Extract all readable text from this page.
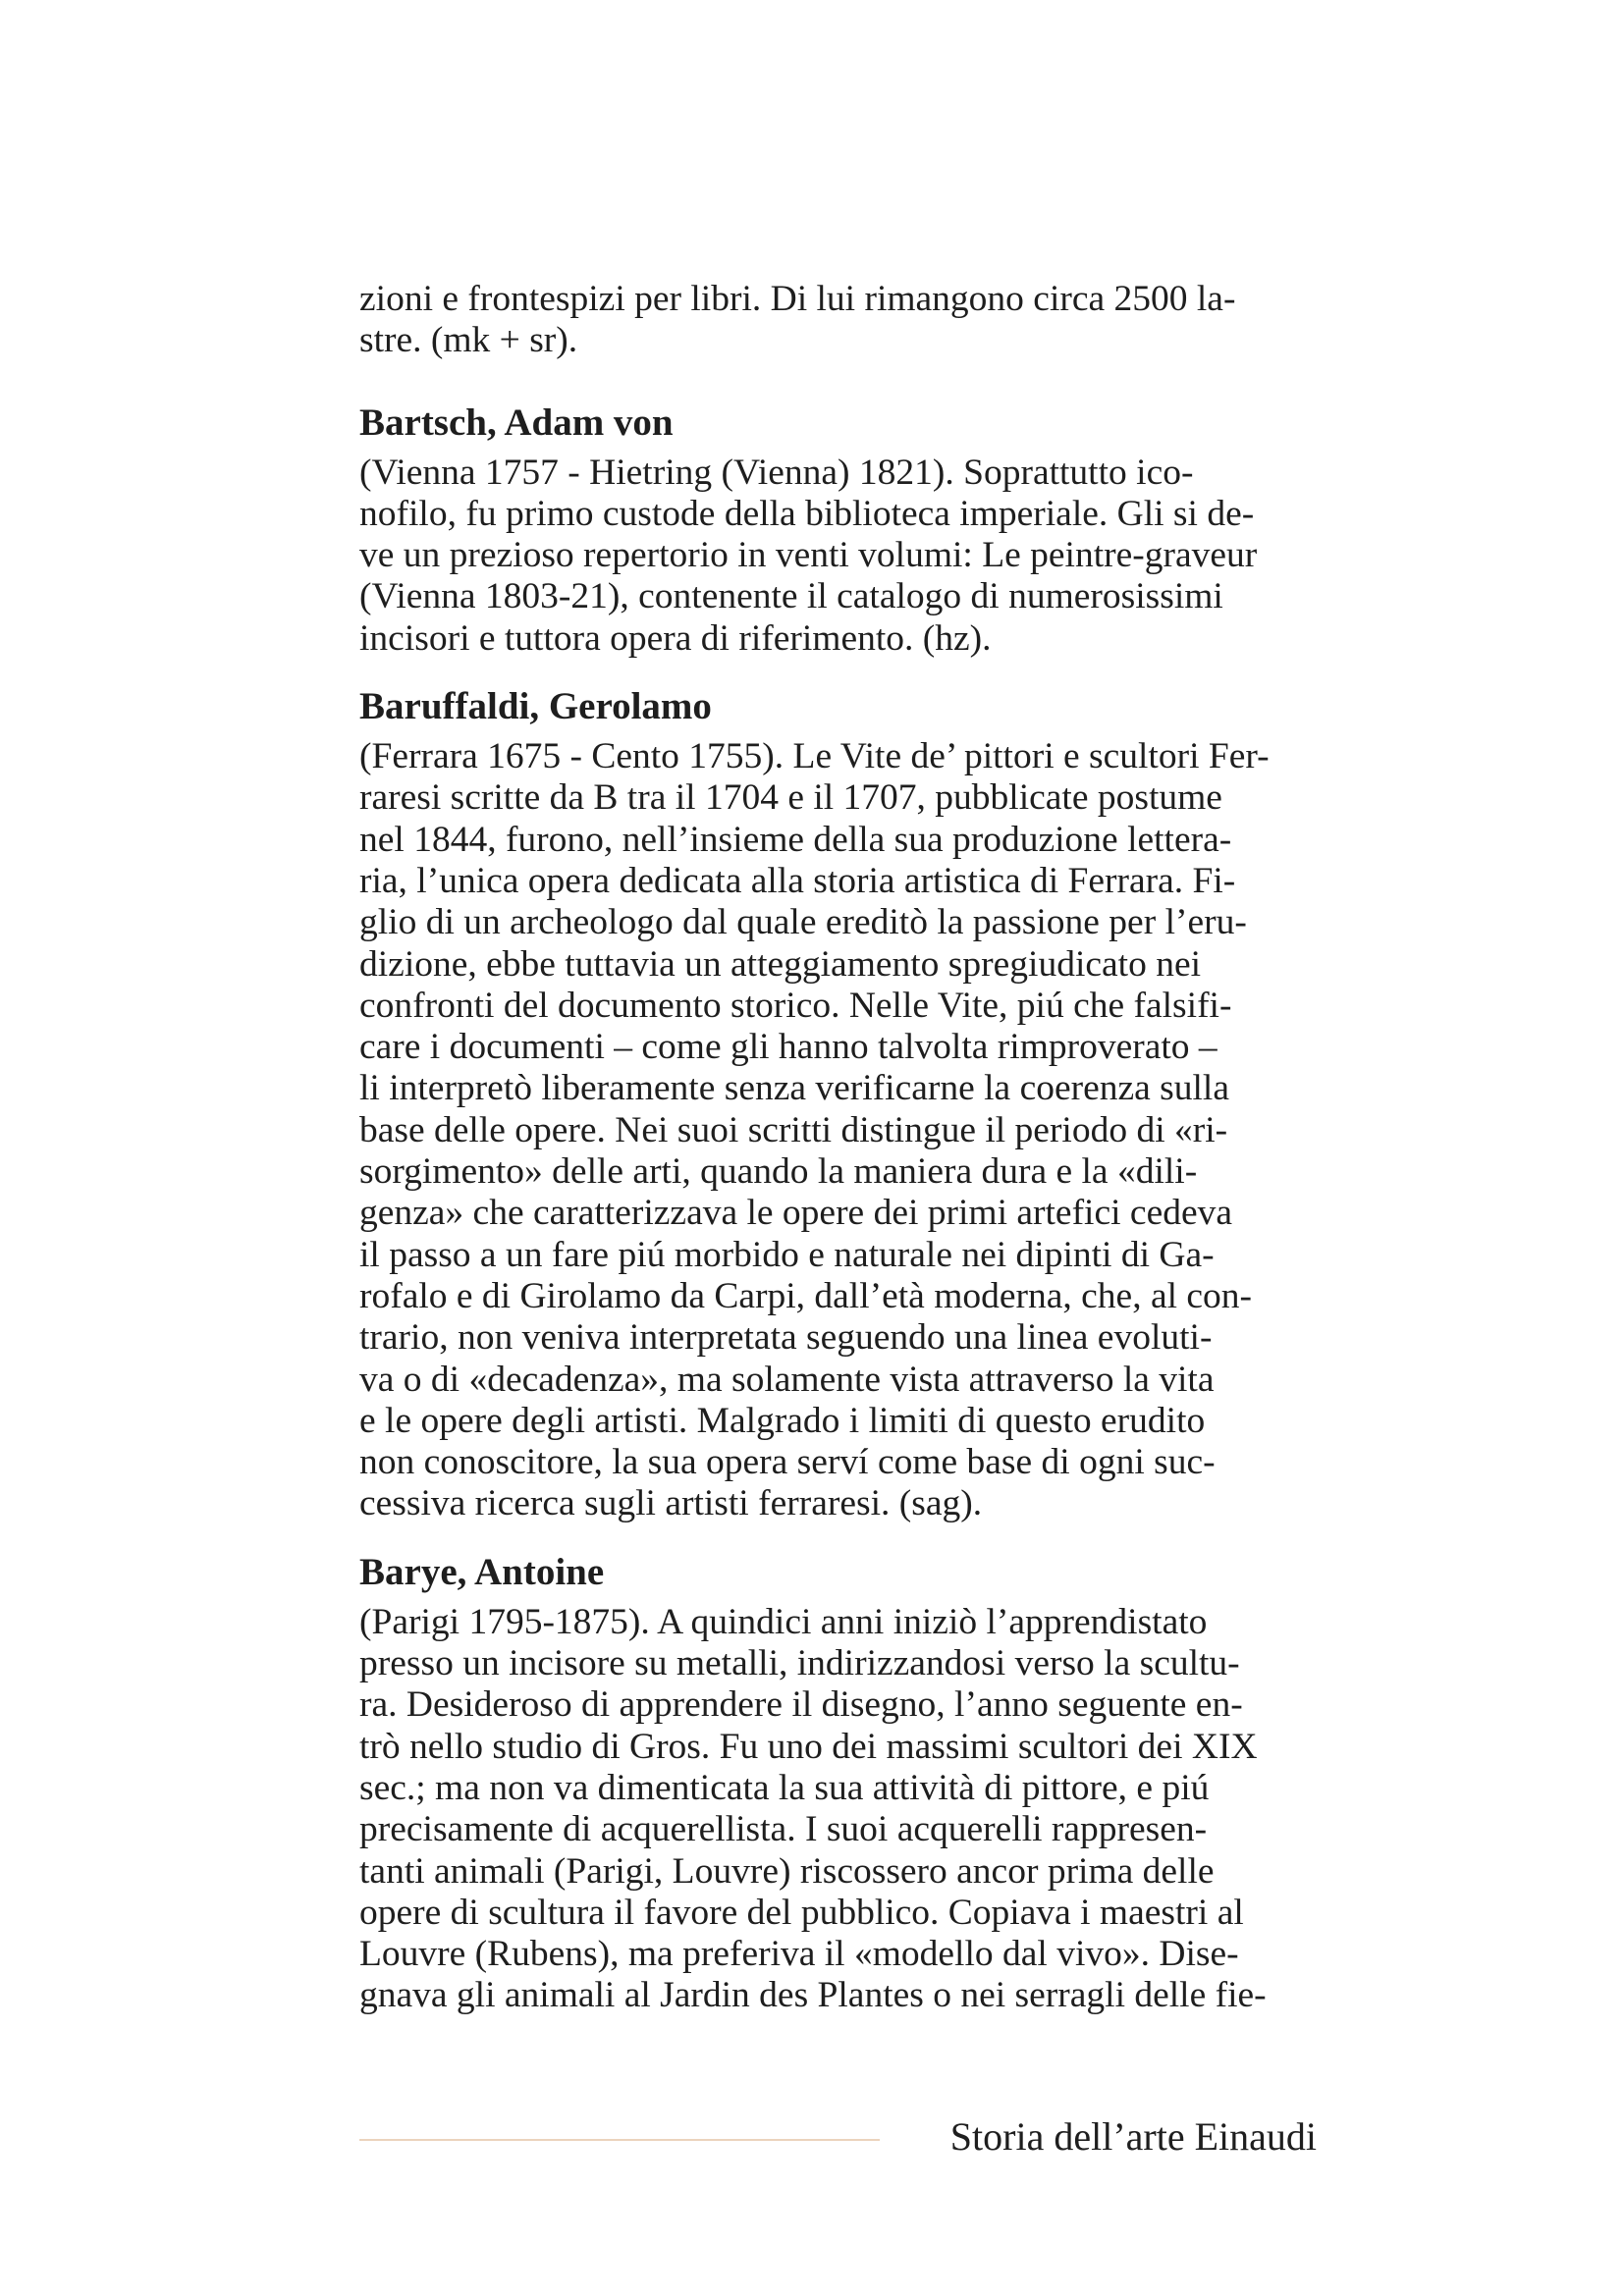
zioni e frontespizi per libri. Di lui rimangono circa 2500 la-
stre. (mk + sr).

Bartsch, Adam von

(Vienna 1757 - Hietring (Vienna) 1821). Soprattutto ico-
nofilo, fu primo custode della biblioteca imperiale. Gli si de-
ve un prezioso repertorio in venti volumi: Le peintre-graveur
(Vienna 1803-21), contenente il catalogo di numerosissimi
incisori e tuttora opera di riferimento. (hz).

Baruffaldi, Gerolamo

(Ferrara 1675 - Cento 1755). Le Vite de’ pittori e scultori Fer-
raresi scritte da B tra il 1704 e il 1707, pubblicate postume
nel 1844, furono, nell’insieme della sua produzione lettera-
ria, l’unica opera dedicata alla storia artistica di Ferrara. Fi-
glio di un archeologo dal quale ereditò la passione per l’eru-
dizione, ebbe tuttavia un atteggiamento spregiudicato nei
confronti del documento storico. Nelle Vite, piú che falsifi-
care i documenti – come gli hanno talvolta rimproverato –
li interpretò liberamente senza verificarne la coerenza sulla
base delle opere. Nei suoi scritti distingue il periodo di «ri-
sorgimento» delle arti, quando la maniera dura e la «dili-
genza» che caratterizzava le opere dei primi artefici cedeva
il passo a un fare piú morbido e naturale nei dipinti di Ga-
rofalo e di Girolamo da Carpi, dall’età moderna, che, al con-
trario, non veniva interpretata seguendo una linea evoluti-
va o di «decadenza», ma solamente vista attraverso la vita
e le opere degli artisti. Malgrado i limiti di questo erudito
non conoscitore, la sua opera serví come base di ogni suc-
cessiva ricerca sugli artisti ferraresi. (sag).

Barye, Antoine

(Parigi 1795-1875). A quindici anni iniziò l’apprendistato
presso un incisore su metalli, indirizzandosi verso la scultu-
ra. Desideroso di apprendere il disegno, l’anno seguente en-
trò nello studio di Gros. Fu uno dei massimi scultori dei XIX
sec.; ma non va dimenticata la sua attività di pittore, e piú
precisamente di acquerellista. I suoi acquerelli rappresen-
tanti animali (Parigi, Louvre) riscossero ancor prima delle
opere di scultura il favore del pubblico. Copiava i maestri al
Louvre (Rubens), ma preferiva il «modello dal vivo». Dise-
gnava gli animali al Jardin des Plantes o nei serragli delle fie-

Storia dell’arte Einaudi
